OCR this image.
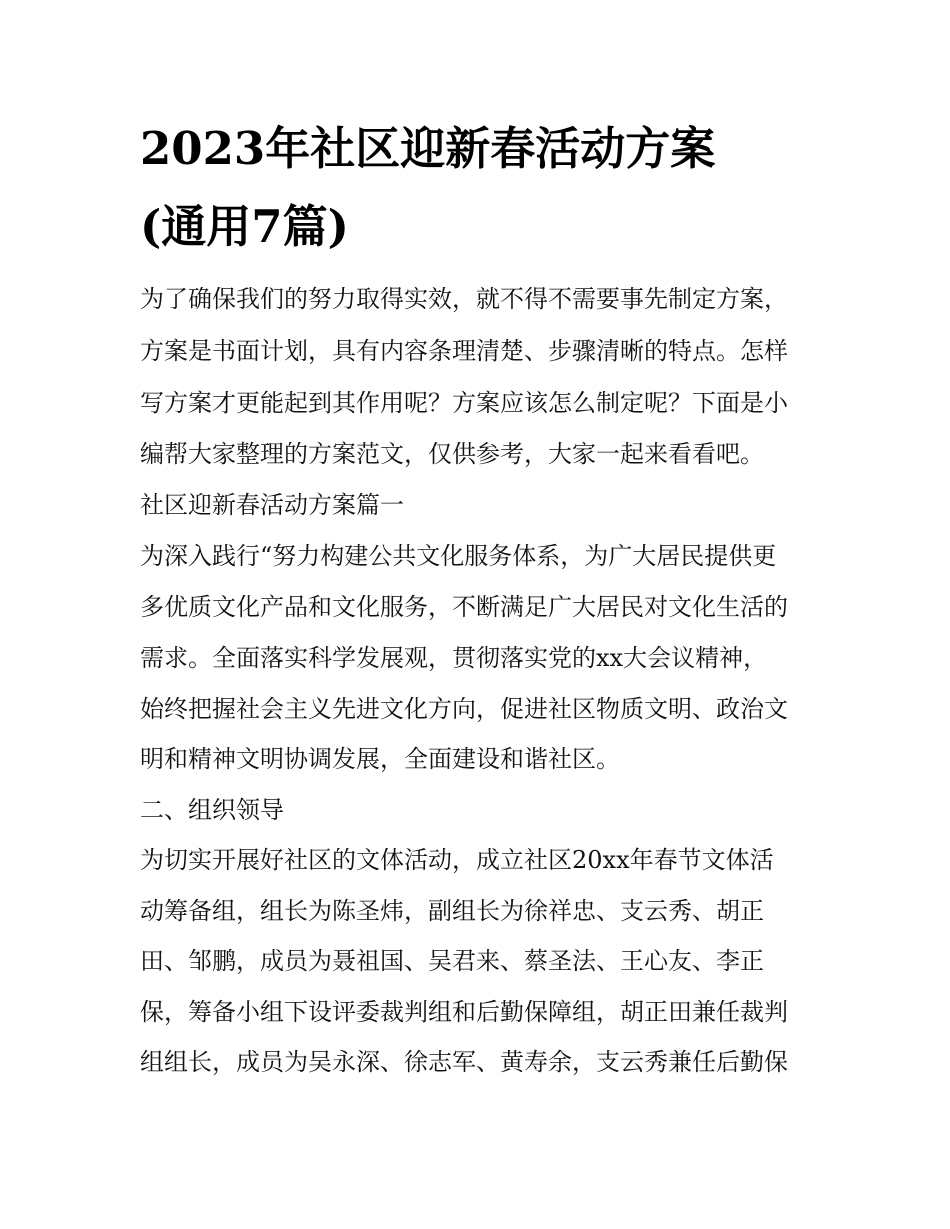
2023年社区迎新春活动方案
(通用7篇)

为了确保我们的努力取得实效，就不得不需要事先制定方案，

方案是书面计划，具有内容条理清楚、步骤清晰的特点。怎样

写方案才更能起到其作用呢？方案应该怎么制定呢？下面是小

编帮大家整理的方案范文，仅供参考，大家一起来看看吧。

社区迎新春活动方案篇一

为深入践行“努力构建公共文化服务体系，为广大居民提供更

多优质文化产品和文化服务，不断满足广大居民对文化生活的

需求。全面落实科学发展观，贯彻落实党的xx大会议精神，

始终把握社会主义先进文化方向，促进社区物质文明、政治文

明和精神文明协调发展，全面建设和谐社区。

二、组织领导

为切实开展好社区的文体活动，成立社区20xx年春节文体活

动筹备组，组长为陈圣炜，副组长为徐祥忠、支云秀、胡正

田、邹鹏，成员为聂祖国、吴君来、蔡圣法、王心友、李正

保，筹备小组下设评委裁判组和后勤保障组，胡正田兼任裁判

组组长，成员为吴永深、徐志军、黄寿余，支云秀兼任后勤保
